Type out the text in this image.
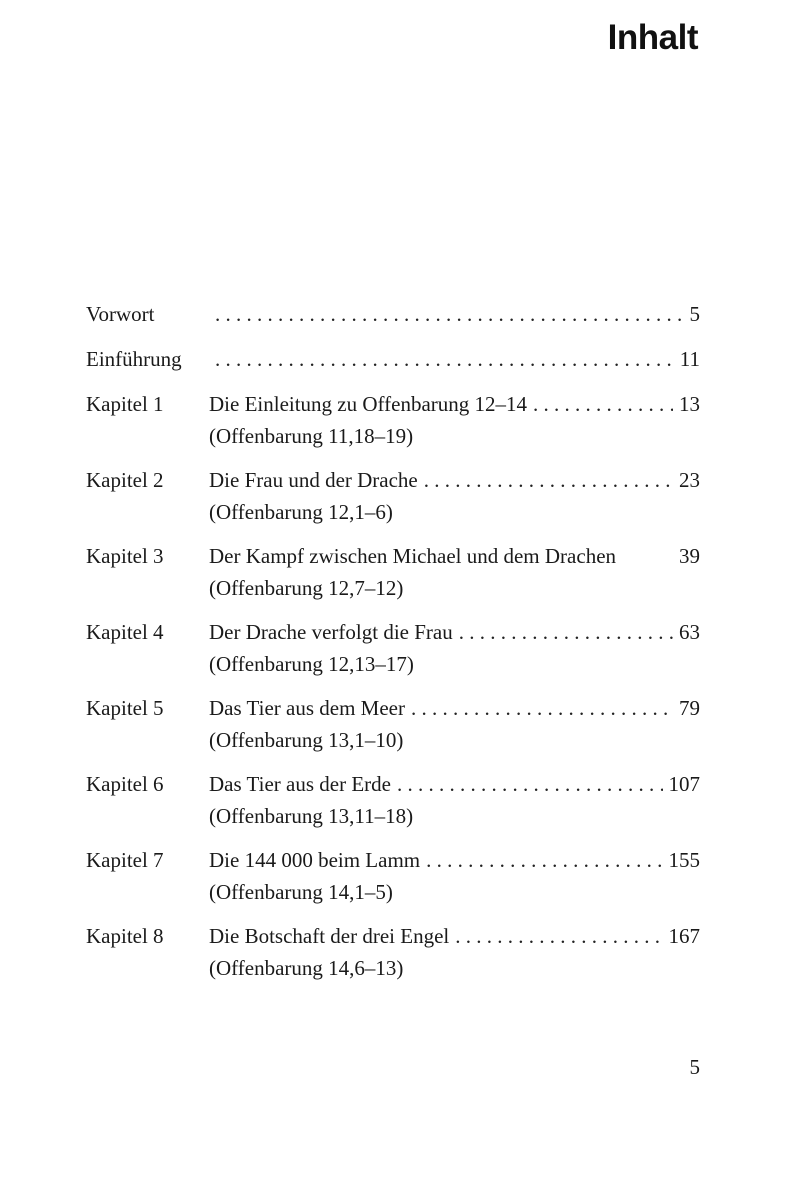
Inhalt
Vorwort . . .	5
Einführung . . .	11
Kapitel 1 Die Einleitung zu Offenbarung 12–14 . . .	13
(Offenbarung 11,18–19)
Kapitel 2 Die Frau und der Drache . . .	23
(Offenbarung 12,1–6)
Kapitel 3 Der Kampf zwischen Michael und dem Drachen	39
(Offenbarung 12,7–12)
Kapitel 4 Der Drache verfolgt die Frau . . .	63
(Offenbarung 12,13–17)
Kapitel 5 Das Tier aus dem Meer . . .	79
(Offenbarung 13,1–10)
Kapitel 6 Das Tier aus der Erde . . .	107
(Offenbarung 13,11–18)
Kapitel 7 Die 144 000 beim Lamm . . .	155
(Offenbarung 14,1–5)
Kapitel 8 Die Botschaft der drei Engel . . .	167
(Offenbarung 14,6–13)
5
